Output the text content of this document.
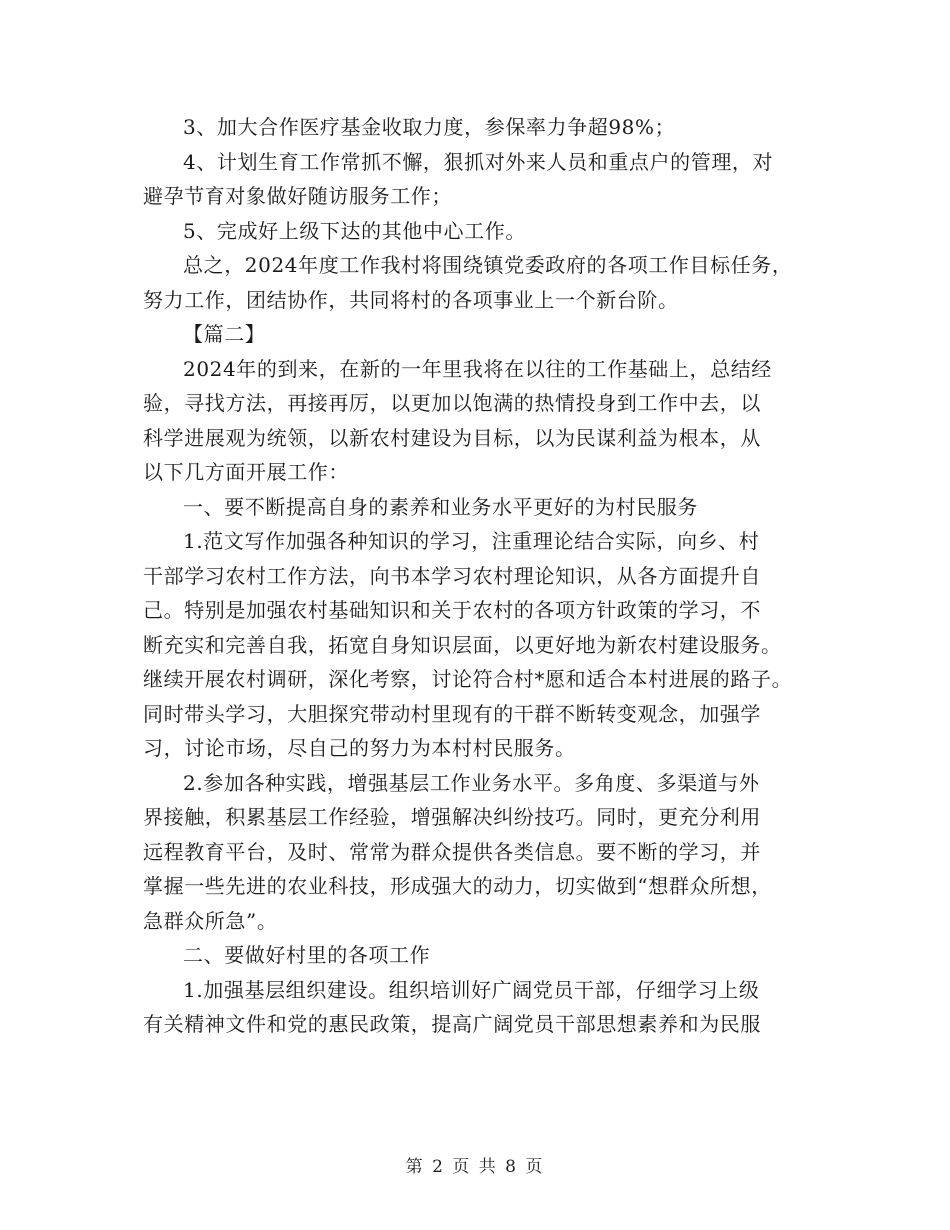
3、加大合作医疗基金收取力度，参保率力争超98%；

4、计划生育工作常抓不懈，狠抓对外来人员和重点户的管理，对
避孕节育对象做好随访服务工作；

5、完成好上级下达的其他中心工作。

总之，2024年度工作我村将围绕镇党委政府的各项工作目标任务，
努力工作，团结协作，共同将村的各项事业上一个新台阶。

【篇二】

2024年的到来，在新的一年里我将在以往的工作基础上，总结经
验，寻找方法，再接再厉，以更加以饱满的热情投身到工作中去，以
科学进展观为统领，以新农村建设为目标，以为民谋利益为根本，从
以下几方面开展工作：

一、要不断提高自身的素养和业务水平更好的为村民服务

1.范文写作加强各种知识的学习，注重理论结合实际，向乡、村
干部学习农村工作方法，向书本学习农村理论知识，从各方面提升自
己。特别是加强农村基础知识和关于农村的各项方针政策的学习，不
断充实和完善自我，拓宽自身知识层面，以更好地为新农村建设服务。
继续开展农村调研，深化考察，讨论符合村*愿和适合本村进展的路子。
同时带头学习，大胆探究带动村里现有的干群不断转变观念，加强学
习，讨论市场，尽自己的努力为本村村民服务。

2.参加各种实践，增强基层工作业务水平。多角度、多渠道与外
界接触，积累基层工作经验，增强解决纠纷技巧。同时，更充分利用
远程教育平台，及时、常常为群众提供各类信息。要不断的学习，并
掌握一些先进的农业科技，形成强大的动力，切实做到“想群众所想，
急群众所急”。

二、要做好村里的各项工作

1.加强基层组织建设。组织培训好广阔党员干部，仔细学习上级
有关精神文件和党的惠民政策，提高广阔党员干部思想素养和为民服

第 2 页 共 8 页
